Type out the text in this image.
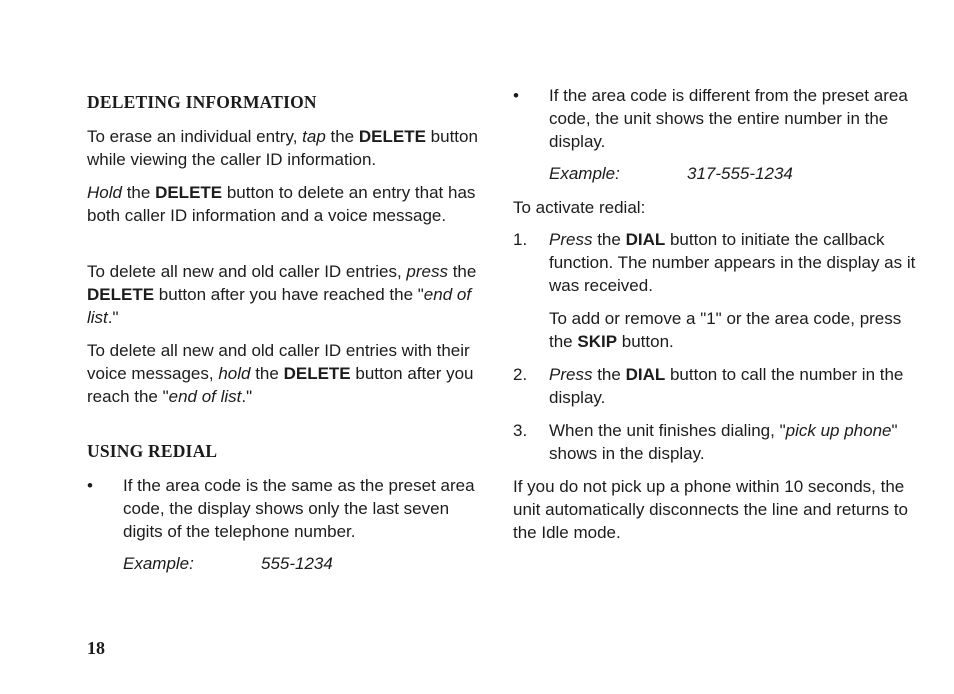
DELETING INFORMATION

To erase an individual entry, tap the DELETE button while viewing the caller ID information.

Hold the DELETE button to delete an entry that has both caller ID information and a voice message.

To delete all new and old caller ID entries, press the DELETE button after you have reached the "end of list."

To delete all new and old caller ID entries with their voice messages, hold the DELETE button after you reach the "end of list."

USING REDIAL
• If the area code is the same as the preset area code, the display shows only the last seven digits of the telephone number.
Example:	555-1234
• If the area code is different from the preset area code, the unit shows the entire number in the display.
Example:	317-555-1234

To activate redial:

1. Press the DIAL button to initiate the callback function. The number appears in the display as it was received.
To add or remove a "1" or the area code, press the SKIP button.
2. Press the DIAL button to call the number in the display.
3. When the unit finishes dialing, "pick up phone" shows in the display.

If you do not pick up a phone within 10 seconds, the unit automatically disconnects the line and returns to the Idle mode.

18
